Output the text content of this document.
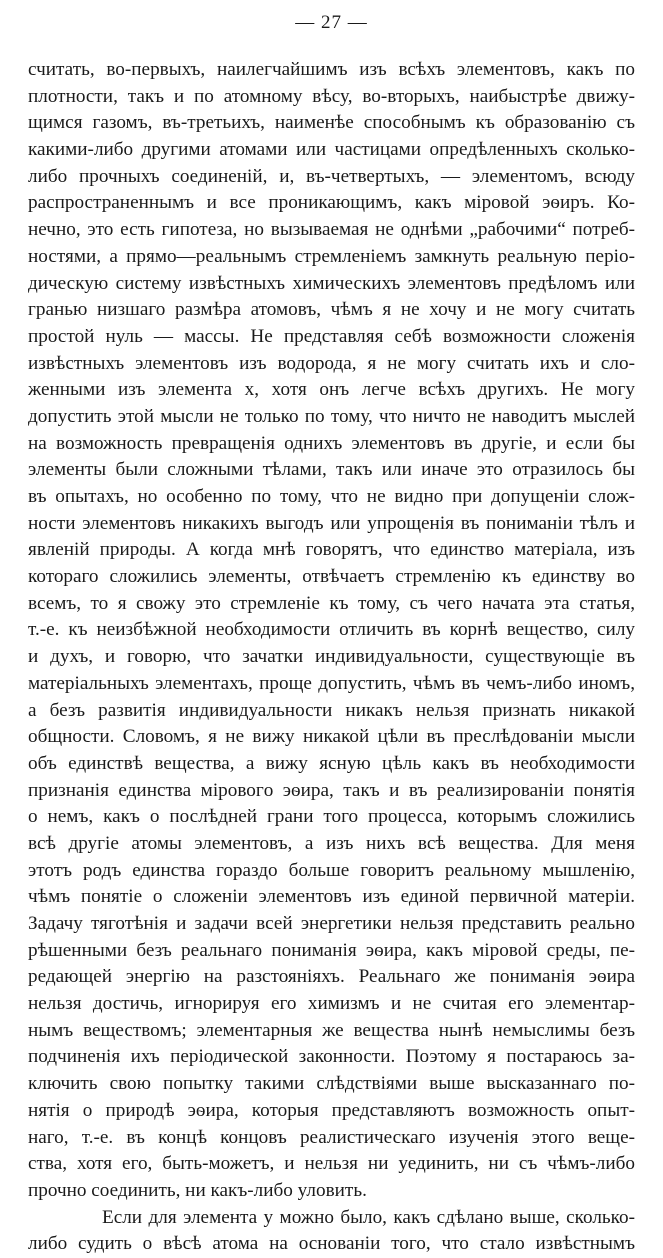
— 27 —
считать, во-первыхъ, наилегчайшимъ изъ всѣхъ элементовъ, какъ по
плотности, такъ и по атомному вѣсу, во-вторыхъ, наибыстрѣе движу-
щимся газомъ, въ-третьихъ, наименѣе способнымъ къ образованію съ
какими-либо другими атомами или частицами опредѣленныхъ сколько-
либо прочныхъ соединеній, и, въ-четвертыхъ, — элементомъ, всюду
распространеннымъ и все проникающимъ, какъ міровой эѳиръ. Ко-
нечно, это есть гипотеза, но вызываемая не однѣми „рабочими“ потреб-
ностями, а прямо—реальнымъ стремленіемъ замкнуть реальную періо-
дическую систему извѣстныхъ химическихъ элементовъ предѣломъ или
гранью низшаго размѣра атомовъ, чѣмъ я не хочу и не могу считать
простой нуль — массы. Не представляя себѣ возможности сложенія
извѣстныхъ элементовъ изъ водорода, я не могу считать ихъ и сло-
женными изъ элемента x, хотя онъ легче всѣхъ другихъ. Не могу
допустить этой мысли не только по тому, что ничто не наводитъ мыслей
на возможность превращенія однихъ элементовъ въ другіе, и если бы
элементы были сложными тѣлами, такъ или иначе это отразилось бы
въ опытахъ, но особенно по тому, что не видно при допущеніи слож-
ности элементовъ никакихъ выгодъ или упрощенія въ пониманіи тѣлъ и
явленій природы. А когда мнѣ говорятъ, что единство матеріала, изъ
котораго сложились элементы, отвѣчаетъ стремленію къ единству во
всемъ, то я свожу это стремленіе къ тому, съ чего начата эта статья,
т.-е. къ неизбѣжной необходимости отличить въ корнѣ вещество, силу
и духъ, и говорю, что зачатки индивидуальности, существующіе въ
матеріальныхъ элементахъ, проще допустить, чѣмъ въ чемъ-либо иномъ,
а безъ развитія индивидуальности никакъ нельзя признать никакой
общности. Словомъ, я не вижу никакой цѣли въ преслѣдованіи мысли
объ единствѣ вещества, а вижу ясную цѣль какъ въ необходимости
признанія единства міровогo эѳира, такъ и въ реализированіи понятія
о немъ, какъ о послѣдней грани того процесса, которымъ сложились
всѣ другіе атомы элементовъ, а изъ нихъ всѣ вещества. Для меня
этотъ родъ единства гораздо больше говоритъ реальному мышленію,
чѣмъ понятіе о сложеніи элементовъ изъ единой первичной матеріи.
Задачу тяготѣнія и задачи всей энергетики нельзя представить реально
рѣшенными безъ реальнаго пониманія эѳира, какъ міровой среды, пе-
редающей энергію на разстояніяхъ. Реальнаго же пониманія эѳира
нельзя достичь, игнорируя его химизмъ и не считая его элементар-
нымъ веществомъ; элементарныя же вещества нынѣ немыслимы безъ
подчиненія ихъ періодической законности. Поэтому я постараюсь за-
ключить свою попытку такими слѣдствіями выше высказаннаго по-
нятія о природѣ эѳира, которыя представляютъ возможность опыт-
наго, т.-е. въ концѣ концовъ реалистическаго изученія этого веще-
ства, хотя его, быть-можетъ, и нельзя ни уединить, ни съ чѣмъ-либо
прочно соединить, ни какъ-либо уловить.
Если для элемента y можно было, какъ сдѣлано выше, сколько-
либо судить о вѣсѣ атома на основаніи того, что стало извѣстнымъ
